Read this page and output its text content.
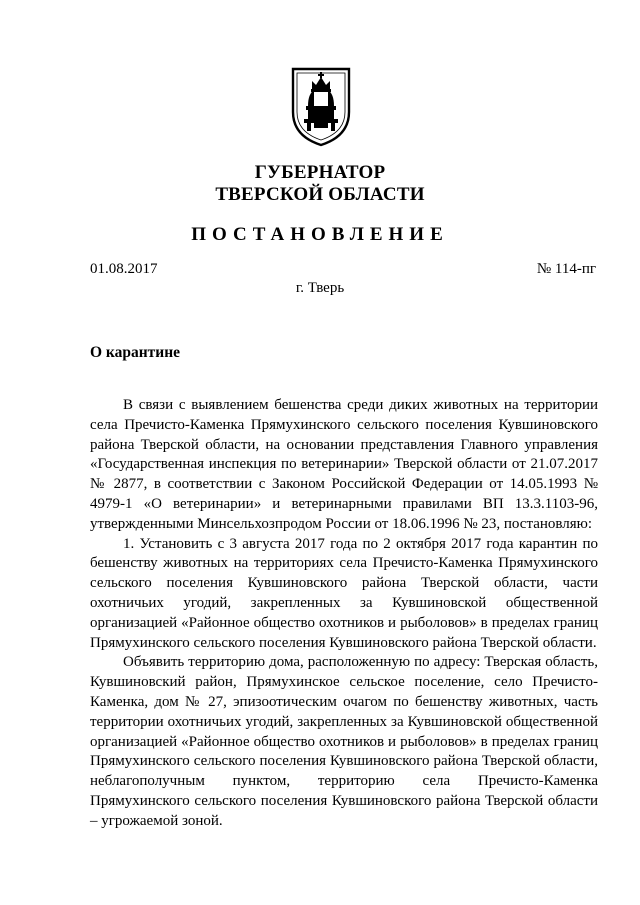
ГУБЕРНАТОР
ТВЕРСКОЙ ОБЛАСТИ
ПОСТАНОВЛЕНИЕ
01.08.2017	№ 114-пг
г. Тверь
О карантине

В связи с выявлением бешенства среди диких животных на территории села Пречисто-Каменка Прямухинского сельского поселения Кувшиновского района Тверской области, на основании представления Главного управления «Государственная инспекция по ветеринарии» Тверской области от 21.07.2017 № 2877, в соответствии с Законом Российской Федерации от 14.05.1993 № 4979-1 «О ветеринарии» и ветеринарными правилами ВП 13.3.1103-96, утвержденными Минсельхозпродом России от 18.06.1996 № 23, постановляю:

1. Установить с 3 августа 2017 года по 2 октября 2017 года карантин по бешенству животных на территориях села Пречисто-Каменка Прямухинского сельского поселения Кувшиновского района Тверской области, части охотничьих угодий, закрепленных за Кувшиновской общественной организацией «Районное общество охотников и рыболовов» в пределах границ Прямухинского сельского поселения Кувшиновского района Тверской области.

Объявить территорию дома, расположенную по адресу: Тверская область, Кувшиновский район, Прямухинское сельское поселение, село Пречисто-Каменка, дом № 27, эпизоотическим очагом по бешенству животных, часть территории охотничьих угодий, закрепленных за Кувшиновской общественной организацией «Районное общество охотников и рыболовов» в пределах границ Прямухинского сельского поселения Кувшиновского района Тверской области, неблагополучным пунктом, территорию села Пречисто-Каменка Прямухинского сельского поселения Кувшиновского района Тверской области – угрожаемой зоной.
